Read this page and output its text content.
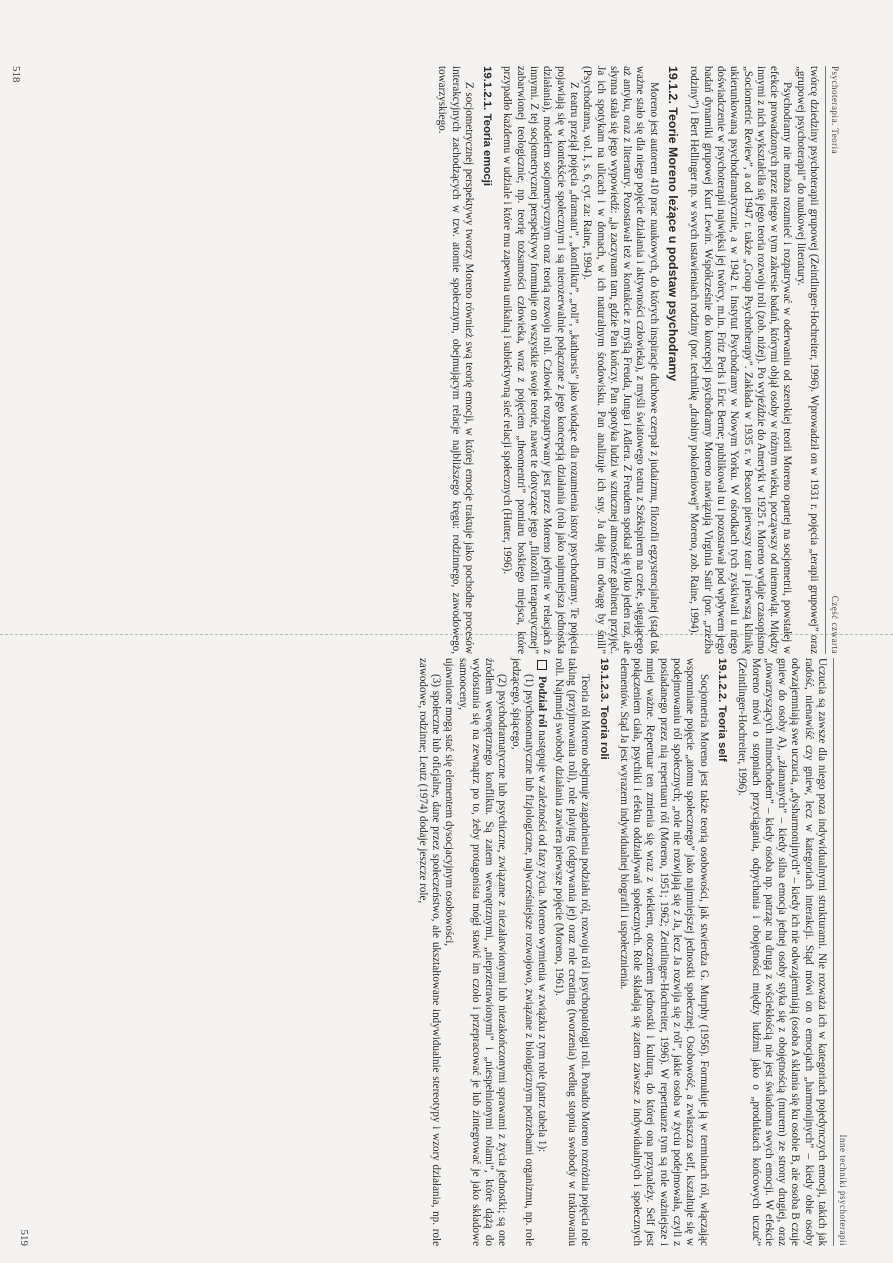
Psychoterapia. Teoria
Część czwarta

twórcę dziedziny psychoterapii grupowej (Zeintlinger-Hochreiter, 1996). Wprowadził on w 1931 r. pojęcia „terapii grupowej” oraz „grupowej psychoterapii” do naukowej literatury.

Psychodramy nie można rozumieć i rozpatrywać w oderwaniu od szerokiej teorii Moreno opartej na socjometrii, powstałej w efekcie prowadzonych przez niego w tym zakresie badań, którymi objął osoby w różnym wieku, począwszy od niemowląt. Między innymi z nich wykształciła się jego teoria rozwoju roli (zob. niżej). Po wyjeździe do Ameryki w 1925 r. Moreno wydaje czasopismo „Sociometric Review”, a od 1947 r. także „Group Psychotherapy”. Zakłada w 1935 r. w Beacon pierwszy teatr i pierwszą klinikę ukierunkowaną psychodramatycznie, a w 1942 r. Instytut Psychodramy w Nowym Yorku. W ośrodkach tych zyskiwali u niego doświadczenie w psychoterapii najwięksi jej twórcy, m.in. Fritz Perls i Eric Berne; publikował tu i pozostawał pod wpływem jego badań dynamiki grupowej Kurt Lewin. Współcześnie do koncepcji psychodramy Moreno nawiązują Virginia Satir (por. „rzeźba rodziny”) i Bert Hellinger np. w swych ustawieniach rodziny (por. technikę „drabiny pokoleniowej” Moreno, zob. Raine, 1994).

19.1.2. Teorie Moreno leżące u podstaw psychodramy

Moreno jest autorem 410 prac naukowych, do których inspiracje duchowe czerpał z judaizmu, filozofii egzystencjalnej (stąd tak ważne stało się dla niego pojęcie działania i aktywności człowieka), z myśli światowego teatru z Szekspirem na czele, sięgającego aż antyku, oraz z literatury. Pozostawał też w kontakcie z myślą Freuda, Junga i Adlera. Z Freudem spotkał się tylko jeden raz, ale słynna stała się jego wypowiedź: „ja zaczynam tam, gdzie Pan kończy. Pan spotyka ludzi w sztucznej atmosferze gabinetu przyjęć. Ja ich spotykam na ulicach i w domach, w ich naturalnym środowisku. Pan analizuje ich sny. Ja daję im odwagę by śnili” (Psychodrama, vol. I, s. 6, cyt. za: Raine, 1994).

Z teatru przejął pojęcia „dramatu”, „konfliktu”, „roli”, „katharsis” jako wiodące dla rozumienia istoty psychodramy. Te pojęcia pojawiają się w kontekście społecznym i są nierozerwalnie połączone z jego koncepcją działania (rola jako najmniejsza jednostka działania), modelem socjometrycznym oraz teorią rozwoju roli. Człowiek rozpatrywany jest przez Moreno jedynie w relacjach z innymi. Z tej socjometrycznej perspektywy formułuje on wszystkie swoje teorie, nawet te dotyczące jego „filozofii terapeutycznej” zabarwionej teologicznie, np. teorię tożsamości człowieka, wraz z pojęciem „theomentri” pomiaru boskiego miejsca, które przypadło każdemu w udziale i które mu zapewnia unikalną i subiektywną sieć relacji społecznych (Hutter, 1996).

19.1.2.1. Teoria emocji

Z socjometrycznej perspektywy tworzy Moreno również swą teorię emocji, w której emocje traktuje jako pochodne procesów interakcyjnych zachodzących w tzw. atomie społecznym, obejmującym relacje najbliższego kręgu: rodzinnego, zawodowego, towarzyskiego.

518
Inne techniki psychoterapii

Uczucia są zawsze dla niego poza indywidualnymi strukturami. Nie rozważa ich w kategoriach pojedynczych emocji, takich jak radość, nienawiść czy gniew, lecz w kategoriach interakcji. Stąd mówi on o emocjach „harmonijnych” – kiedy obie osoby odwzajemniają swe uczucia, „dysharmonijnych” – kiedy ich nie odwzajemniają (osoba A sklania się ku osobie B, ale osoba B czuje gniew do osoby A), „złamanych” – kiedy silna emocja jednej osoby styka się z obojętnością (murem) ze strony drugiej, oraz „towarzyszących mimochodem” – kiedy osoba np. patrząc na drugą z wściekłością nie jest świadoma swych emocji. W efekcie Moreno mówi o stopniach przyciągania, odpychania i obojętności między ludźmi jako o „produktach końcowych uczuć” (Zeintlinger-Hochreiter, 1996).

19.1.2.2. Teoria self

Socjometria Moreno jest także teorią osobowości, jak stwierdza G. Murphy (1956). Formułuje ją w terminach ról, włączając wspomniane pojęcie „atomu społecznego” jako najmniejszej jednostki społecznej. Osobowość, a zwłaszcza self, kształtuje się w podejmowaniu ról społecznych; „role nie rozwijają się z Ja, lecz Ja rozwija się z ról”, jakie osoba w życiu podejmowała, czyli z posiadanego przez nią repertuaru ról (Moreno, 1951; 1962; Zeintlinger-Hochreiter, 1996). W repertuarze tym są role ważniejsze i mniej ważne. Repertuar ten zmienia się wraz z wiekiem, otoczeniem jednostki i kulturą, do której ona przynależy. Self jest połączeniem ciała, psychiki i efektu oddziaływań społecznych. Role składają się zatem zawsze z indywidualnych i społecznych elementów. Stąd Ja jest wyrazem indywidualnej biografii i uspołecznienia.

19.1.2.3. Teoria roli

Teoria ról Moreno obejmuje zagadnienia podziału ról, rozwoju ról i psychopatologii roli. Ponadto Moreno rozróżnia pojęcia role taking (przyjmowania roli), role playing (odgrywania jej) oraz role creating (tworzenia) według stopnia swobody w traktowaniu roli. Najmniej swobody działania zawiera pierwsze pojęcie (Moreno, 1961).

Podział ról następuje w zależności od fazy życia. Moreno wymienia w związku z tym role (patrz tabela 1):

(1) psychosomatyczne lub fizjologiczne, najwcześniejsze rozwojowo, związane z biologicznym potrzebami organizmu, np. role jedzącego, śpiącego,

(2) psychodramatyczne lub psychiczne, związane z niezałatwionymi lub niezakończonymi sprawami z życia jednostki; są one źródłem wewnętrznego konfliktu. Są zatem wewnętrznymi, „nieprzetrawionymi” i „niespełnionymi rolami”, które dążą do wydostania się na zewnątrz po to, żeby protagonista mógł stawić im czoło i przepracować je lub zintegrować je jako składowe samooceny,

ujawnione mogą stać się elementem dysocjacyjnym osobowości,

(3) społeczne lub oficjalne, dane przez społeczeństwo, ale ukształtowane indywidualnie stereotypy i wzory działania, np. role zawodowe, rodzinne; Leutz (1974) dodaje jeszcze role,

519
